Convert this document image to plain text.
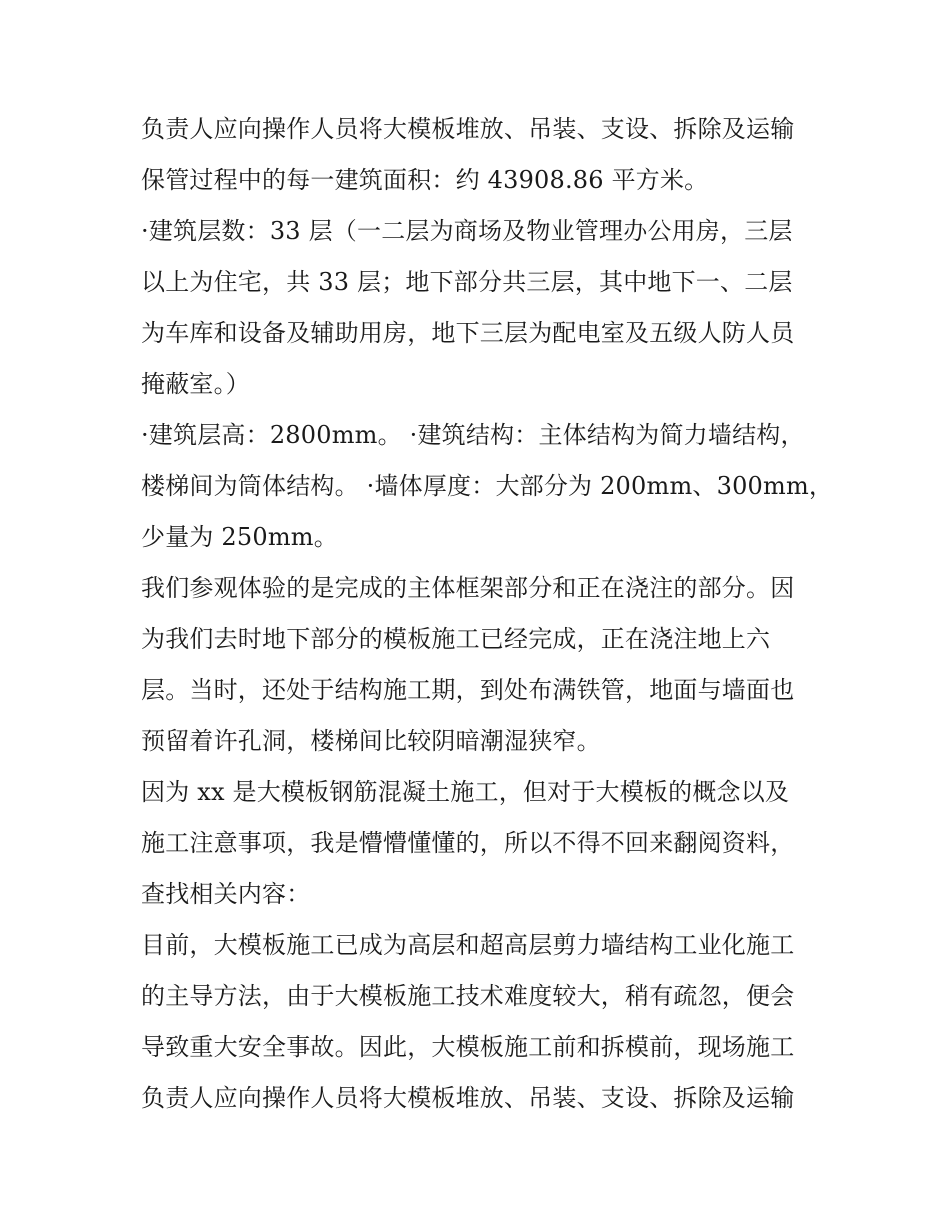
负责人应向操作人员将大模板堆放、吊装、支设、拆除及运输
保管过程中的每一建筑面积：约 43908.86 平方米。
·建筑层数：33 层（一二层为商场及物业管理办公用房，三层
以上为住宅，共 33 层；地下部分共三层，其中地下一、二层
为车库和设备及辅助用房，地下三层为配电室及五级人防人员
掩蔽室。）
·建筑层高：2800mm。 ·建筑结构：主体结构为简力墙结构，
楼梯间为筒体结构。 ·墙体厚度：大部分为 200mm、300mm，
少量为 250mm。
我们参观体验的是完成的主体框架部分和正在浇注的部分。因
为我们去时地下部分的模板施工已经完成，正在浇注地上六
层。当时，还处于结构施工期，到处布满铁管，地面与墙面也
预留着许孔洞，楼梯间比较阴暗潮湿狭窄。
因为 xx 是大模板钢筋混凝土施工，但对于大模板的概念以及
施工注意事项，我是懵懵懂懂的，所以不得不回来翻阅资料，
查找相关内容：
目前，大模板施工已成为高层和超高层剪力墙结构工业化施工
的主导方法，由于大模板施工技术难度较大，稍有疏忽，便会
导致重大安全事故。因此，大模板施工前和拆模前，现场施工
负责人应向操作人员将大模板堆放、吊装、支设、拆除及运输
